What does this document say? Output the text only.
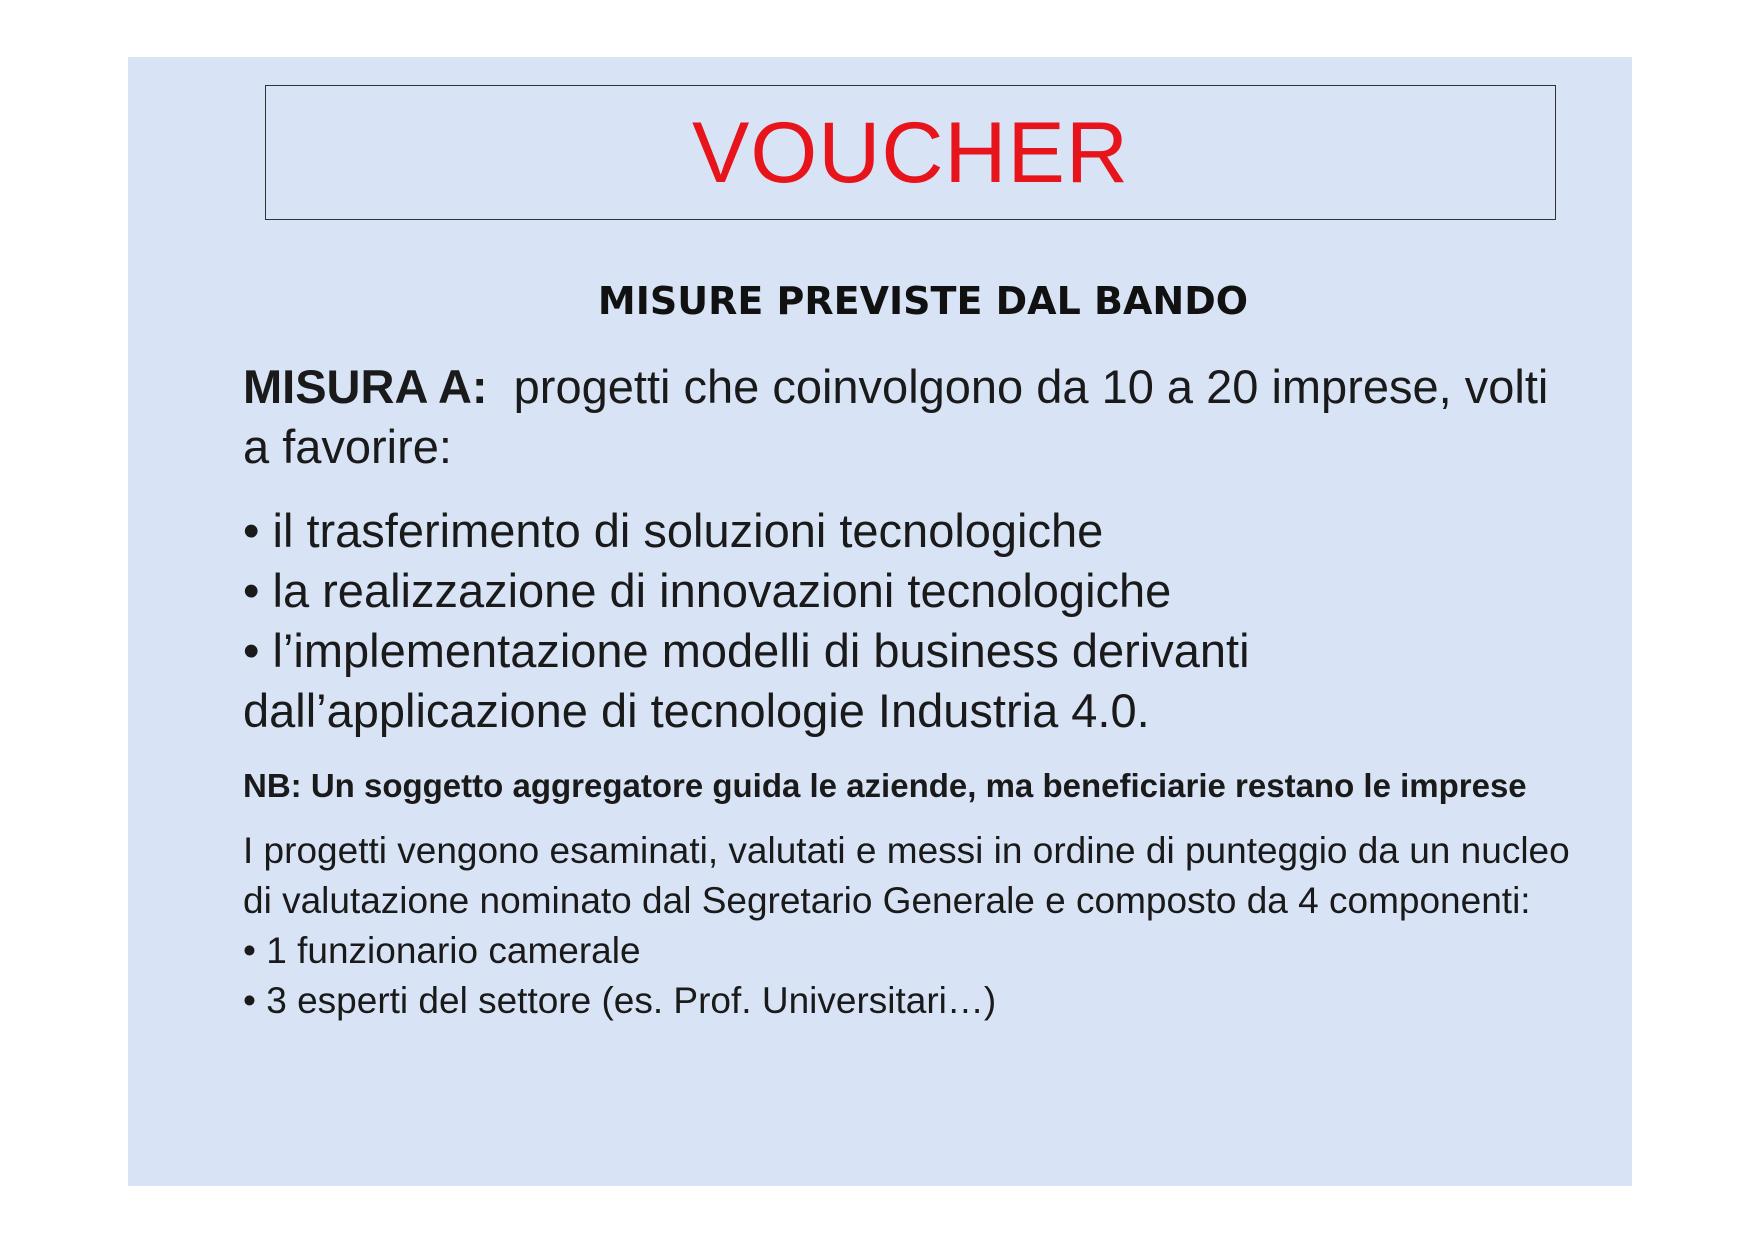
VOUCHER
MISURE PREVISTE DAL BANDO

MISURA A: progetti che coinvolgono da 10 a 20 imprese, volti a favorire:

• il trasferimento di soluzioni tecnologiche
• la realizzazione di innovazioni tecnologiche
• l’implementazione modelli di business derivanti dall’applicazione di tecnologie Industria 4.0.

NB: Un soggetto aggregatore guida le aziende, ma beneficiarie restano le imprese

I progetti vengono esaminati, valutati e messi in ordine di punteggio da un nucleo di valutazione nominato dal Segretario Generale e composto da 4 componenti:

• 1 funzionario camerale
• 3 esperti del settore (es. Prof. Universitari…)
